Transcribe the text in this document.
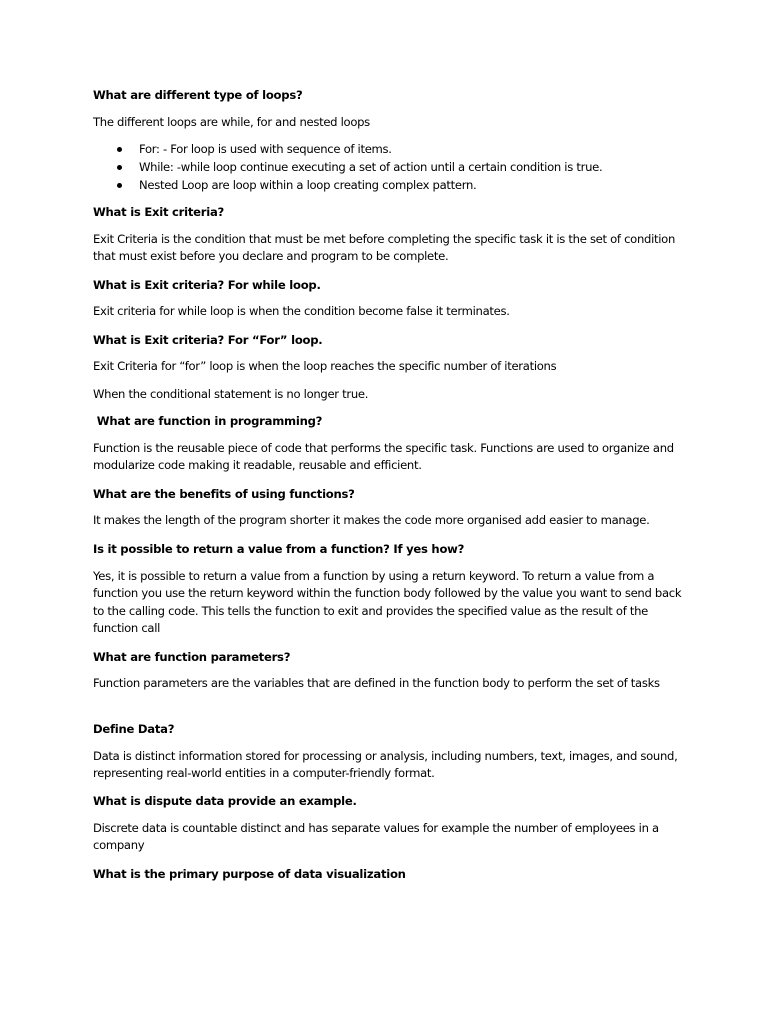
What are different type of loops?

The different loops are while, for and nested loops

For: - For loop is used with sequence of items.
While: -while loop continue executing a set of action until a certain condition is true.
Nested Loop are loop within a loop creating complex pattern.

What is Exit criteria?

Exit Criteria is the condition that must be met before completing the specific task it is the set of condition that must exist before you declare and program to be complete.

What is Exit criteria? For while loop.

Exit criteria for while loop is when the condition become false it terminates.

What is Exit criteria? For “For” loop.

Exit Criteria for “for” loop is when the loop reaches the specific number of iterations

When the conditional statement is no longer true.

What are function in programming?

Function is the reusable piece of code that performs the specific task. Functions are used to organize and modularize code making it readable, reusable and efficient.

What are the benefits of using functions?

It makes the length of the program shorter it makes the code more organised add easier to manage.

Is it possible to return a value from a function? If yes how?

Yes, it is possible to return a value from a function by using a return keyword. To return a value from a function you use the return keyword within the function body followed by the value you want to send back to the calling code. This tells the function to exit and provides the specified value as the result of the function call

What are function parameters?

Function parameters are the variables that are defined in the function body to perform the set of tasks

Define Data?

Data is distinct information stored for processing or analysis, including numbers, text, images, and sound, representing real-world entities in a computer-friendly format.

What is dispute data provide an example.

Discrete data is countable distinct and has separate values for example the number of employees in a company

What is the primary purpose of data visualization
